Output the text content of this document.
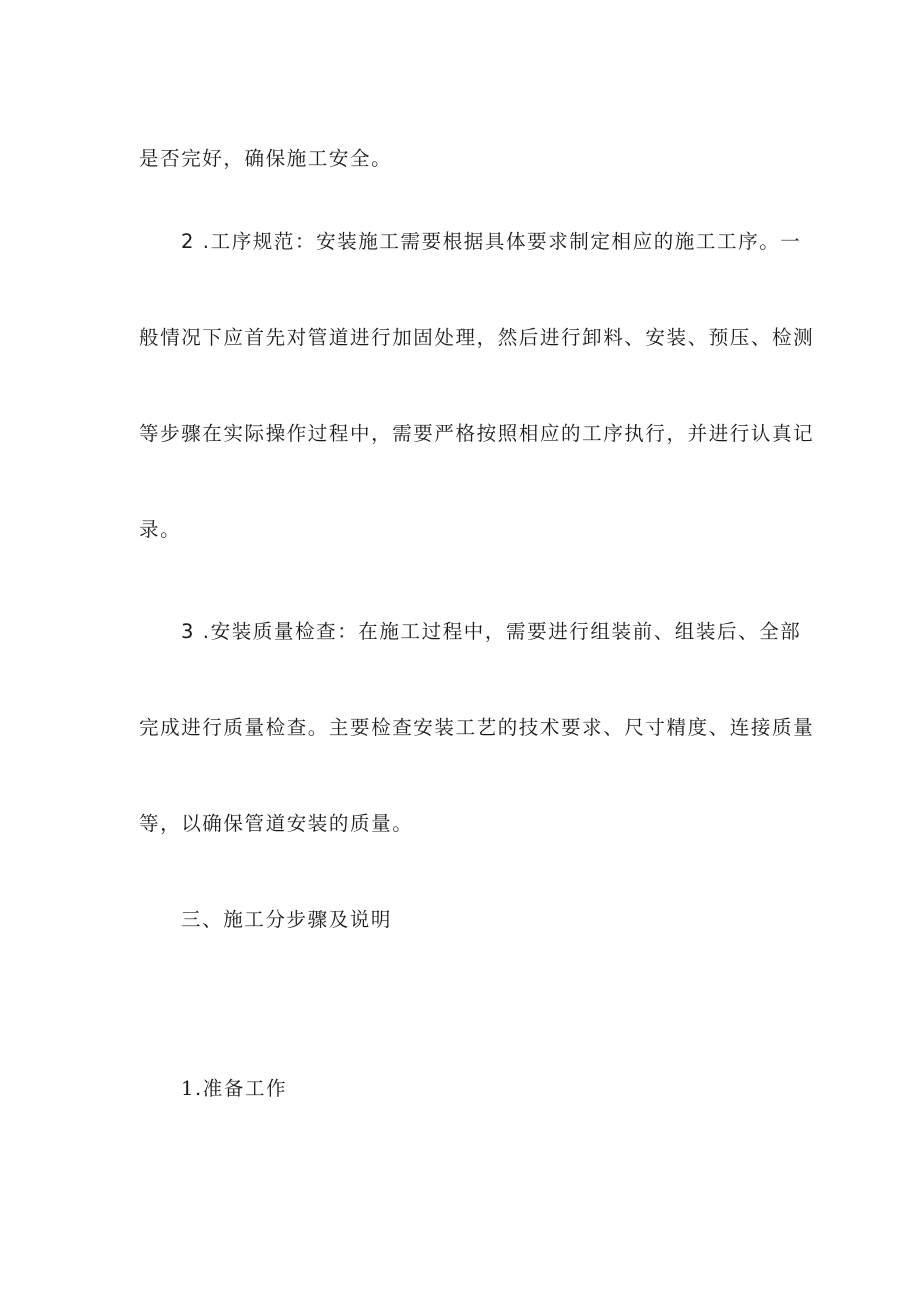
是否完好，确保施工安全。
2 .工序规范：安装施工需要根据具体要求制定相应的施工工序。一
般情况下应首先对管道进行加固处理，然后进行卸料、安装、预压、检测
等步骤在实际操作过程中，需要严格按照相应的工序执行，并进行认真记
录。
3 .安装质量检查：在施工过程中，需要进行组装前、组装后、全部
完成进行质量检查。主要检查安装工艺的技术要求、尺寸精度、连接质量
等，以确保管道安装的质量。
三、施工分步骤及说明
1.准备工作
